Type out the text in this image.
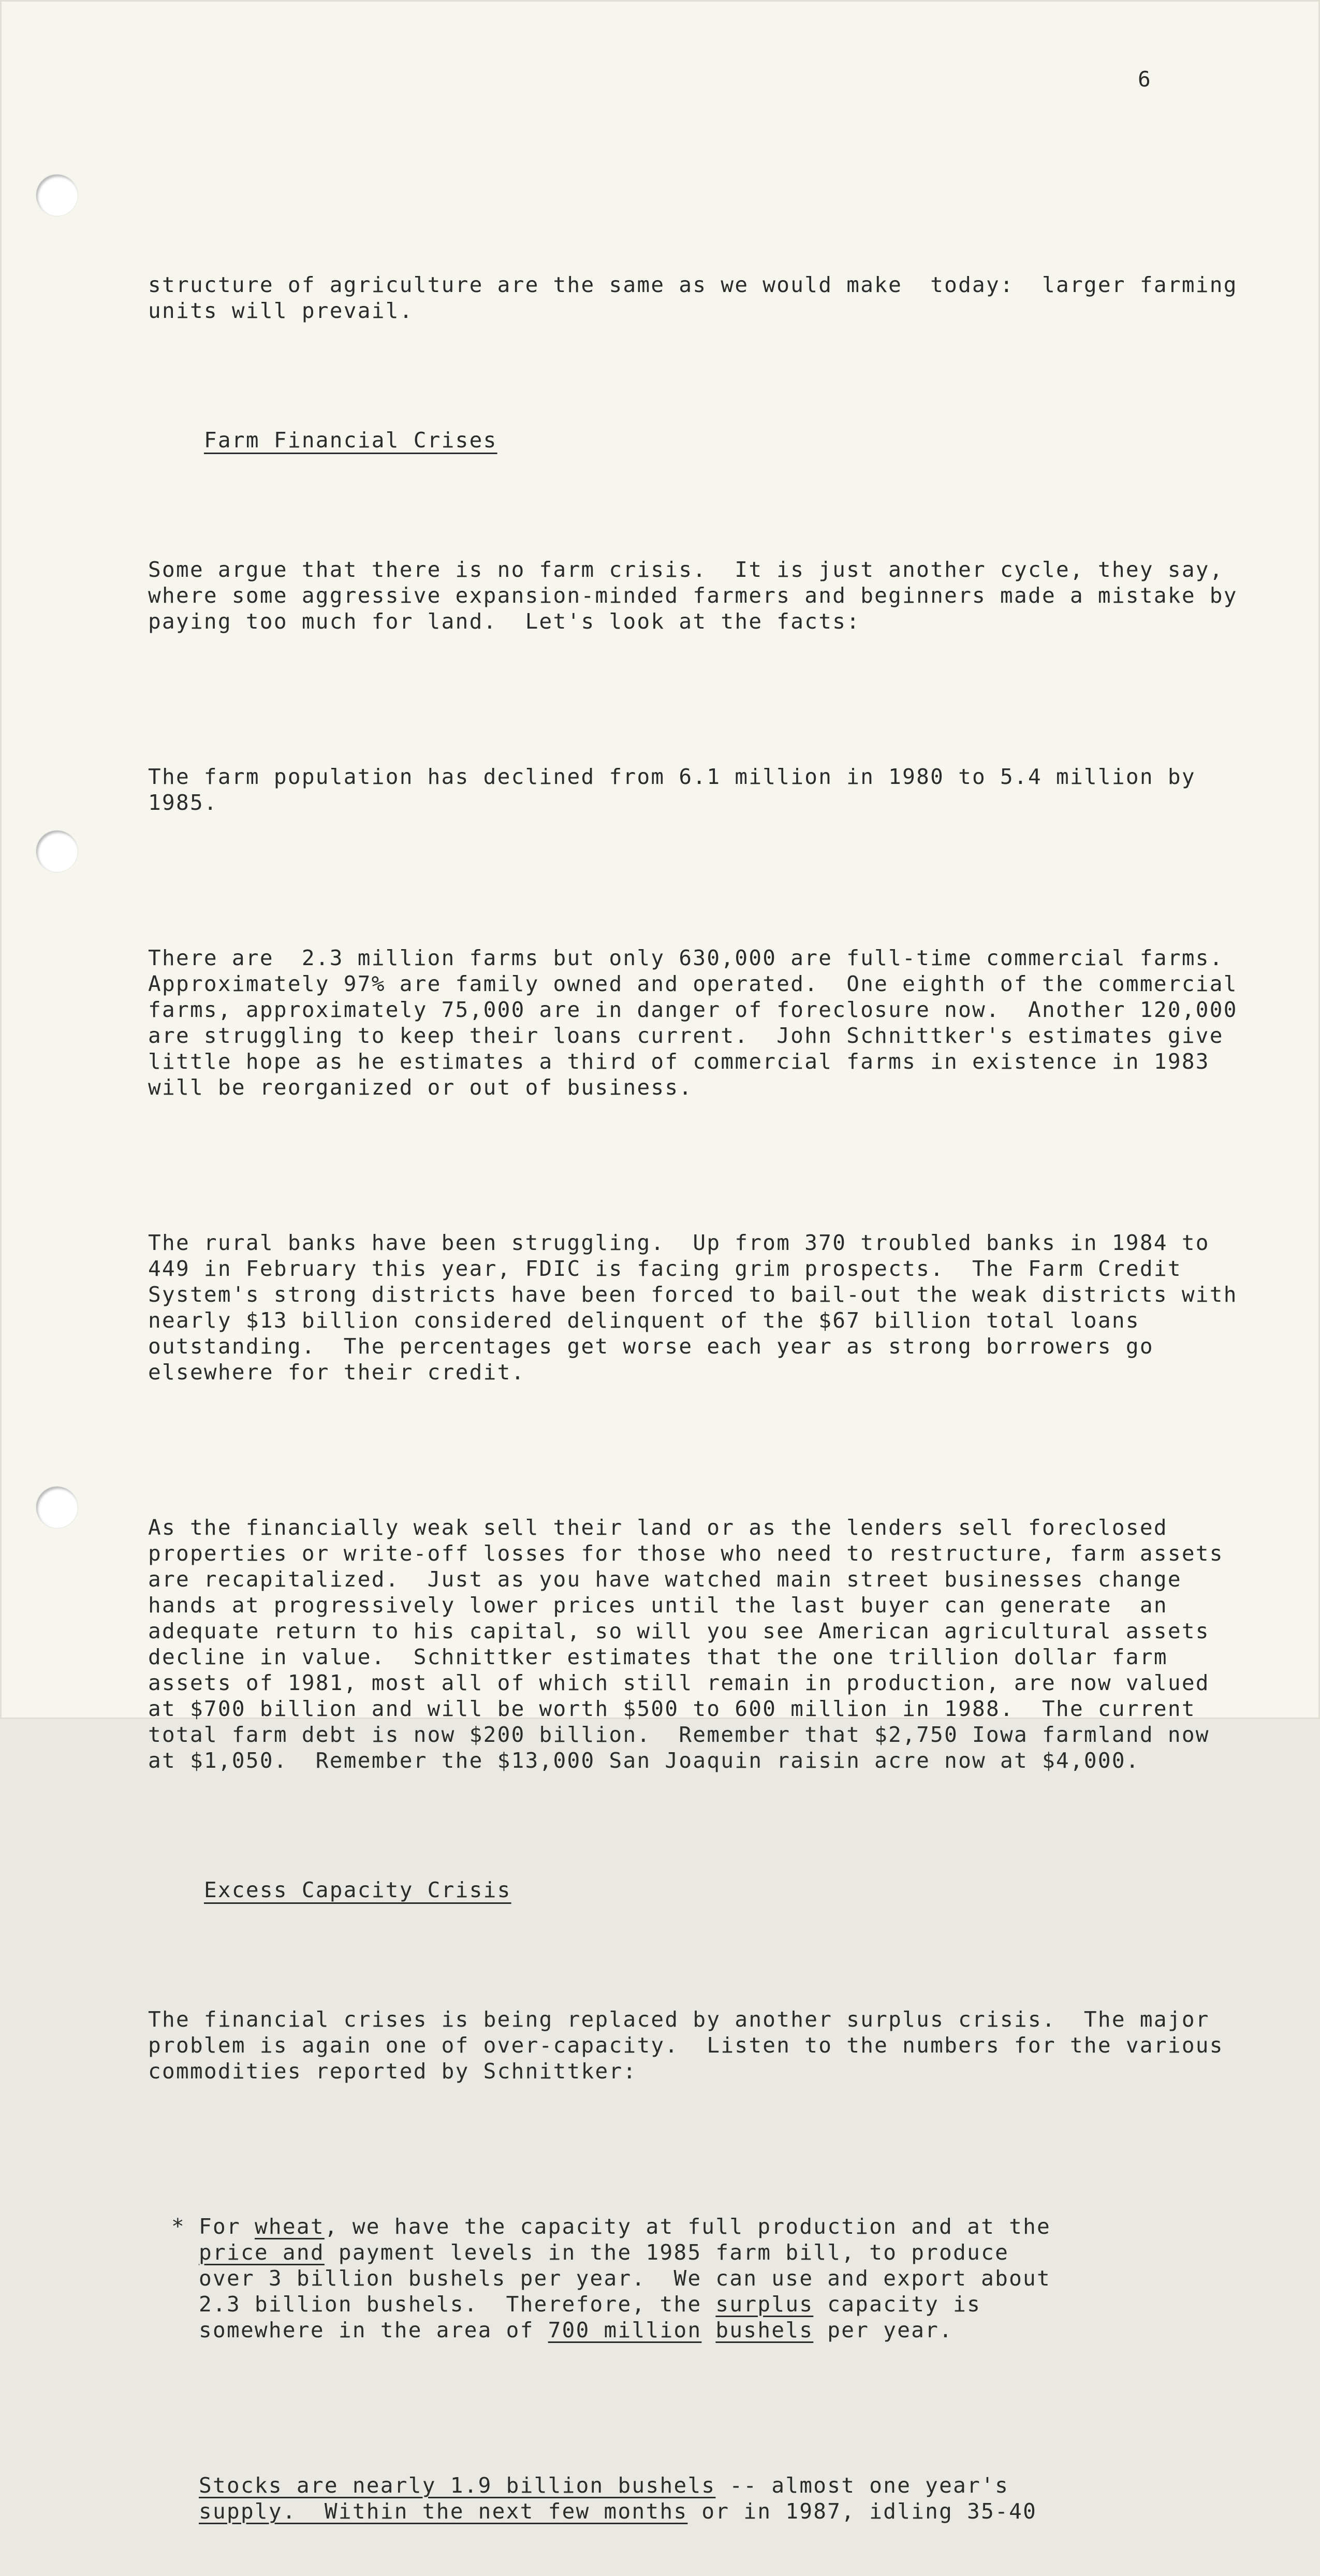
6

structure of agriculture are the same as we would make  today:  larger farming
units will prevail.

Farm Financial Crises

Some argue that there is no farm crisis.  It is just another cycle, they say,
where some aggressive expansion-minded farmers and beginners made a mistake by
paying too much for land.  Let's look at the facts:

The farm population has declined from 6.1 million in 1980 to 5.4 million by
1985.

There are  2.3 million farms but only 630,000 are full-time commercial farms.
Approximately 97% are family owned and operated.  One eighth of the commercial
farms, approximately 75,000 are in danger of foreclosure now.  Another 120,000
are struggling to keep their loans current.  John Schnittker's estimates give
little hope as he estimates a third of commercial farms in existence in 1983
will be reorganized or out of business.

The rural banks have been struggling.  Up from 370 troubled banks in 1984 to
449 in February this year, FDIC is facing grim prospects.  The Farm Credit
System's strong districts have been forced to bail-out the weak districts with
nearly $13 billion considered delinquent of the $67 billion total loans
outstanding.  The percentages get worse each year as strong borrowers go
elsewhere for their credit.

As the financially weak sell their land or as the lenders sell foreclosed
properties or write-off losses for those who need to restructure, farm assets
are recapitalized.  Just as you have watched main street businesses change
hands at progressively lower prices until the last buyer can generate  an
adequate return to his capital, so will you see American agricultural assets
decline in value.  Schnittker estimates that the one trillion dollar farm
assets of 1981, most all of which still remain in production, are now valued
at $700 billion and will be worth $500 to 600 million in 1988.  The current
total farm debt is now $200 billion.  Remember that $2,750 Iowa farmland now
at $1,050.  Remember the $13,000 San Joaquin raisin acre now at $4,000.

Excess Capacity Crisis

The financial crises is being replaced by another surplus crisis.  The major
problem is again one of over-capacity.  Listen to the numbers for the various
commodities reported by Schnittker:

* For wheat, we have the capacity at full production and at the
price and payment levels in the 1985 farm bill, to produce
over 3 billion bushels per year.  We can use and export about
2.3 billion bushels.  Therefore, the surplus capacity is
somewhere in the area of 700 million bushels per year.

Stocks are nearly 1.9 billion bushels -- almost one year's
supply.  Within the next few months or in 1987, idling 35-40
